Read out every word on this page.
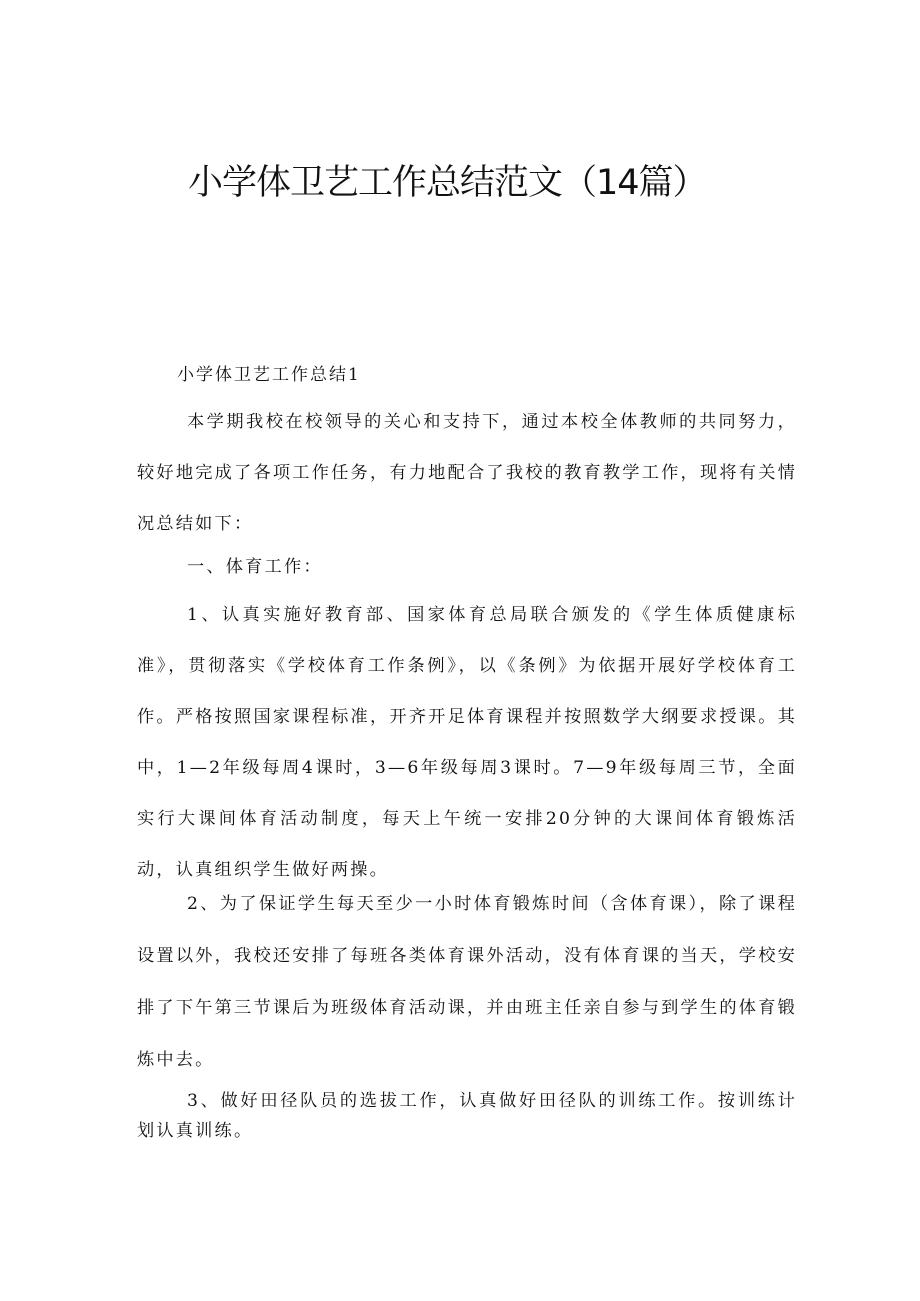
小学体卫艺工作总结范文（14篇）
小学体卫艺工作总结1

本学期我校在校领导的关心和支持下，通过本校全体教师的共同努力，较好地完成了各项工作任务，有力地配合了我校的教育教学工作，现将有关情况总结如下：

一、体育工作：

1、认真实施好教育部、国家体育总局联合颁发的《学生体质健康标准》，贯彻落实《学校体育工作条例》，以《条例》为依据开展好学校体育工作。严格按照国家课程标准，开齐开足体育课程并按照数学大纲要求授课。其中，1—2年级每周4课时，3—6年级每周3课时。7—9年级每周三节，全面实行大课间体育活动制度，每天上午统一安排20分钟的大课间体育锻炼活动，认真组织学生做好两操。

2、为了保证学生每天至少一小时体育锻炼时间（含体育课），除了课程设置以外，我校还安排了每班各类体育课外活动，没有体育课的当天，学校安排了下午第三节课后为班级体育活动课，并由班主任亲自参与到学生的体育锻炼中去。

3、做好田径队员的选拔工作，认真做好田径队的训练工作。按训练计划认真训练。
